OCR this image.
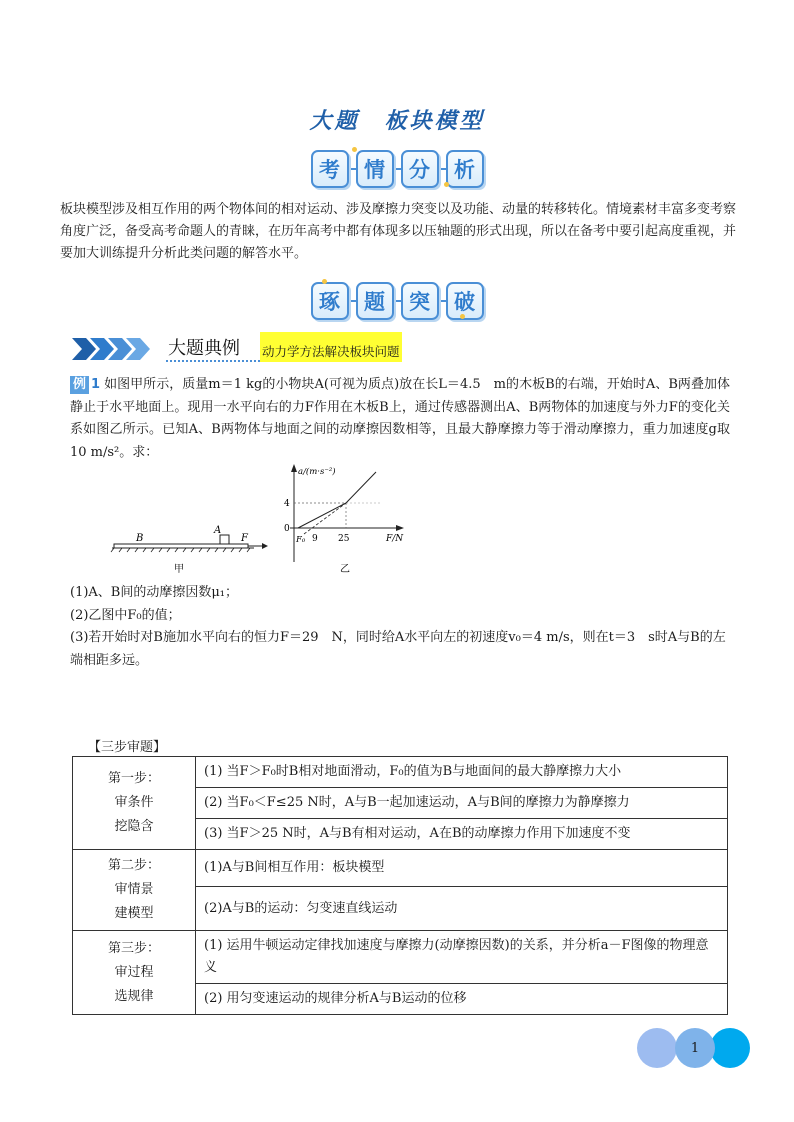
大题　板块模型
考	情	分	析
板块模型涉及相互作用的两个物体间的相对运动、涉及摩擦力突变以及功能、动量的转移转化。情境素材丰富多变考察角度广泛，备受高考命题人的青睐，在历年高考中都有体现多以压轴题的形式出现，所以在备考中要引起高度重视，并要加大训练提升分析此类问题的解答水平。
琢	题	突	破
大题典例 动力学方法解决板块问题
例 1 如图甲所示，质量m＝1 kg的小物块A(可视为质点)放在长L＝4.5　m的木板B的右端，开始时A、B两叠加体静止于水平地面上。现用一水平向右的力F作用在木板B上，通过传感器测出A、B两物体的加速度与外力F的变化关系如图乙所示。已知A、B两物体与地面之间的动摩擦因数相等，且最大静摩擦力等于滑动摩擦力，重力加速度g取10 m/s²。求：
B
A
F
甲
a/(m·s⁻²)
F/N
4
0
F₀ 9 25
乙
(1)A、B间的动摩擦因数μ₁；
(2)乙图中F₀的值；
(3)若开始时对B施加水平向右的恒力F＝29　N，同时给A水平向左的初速度v₀＝4 m/s，则在t＝3　s时A与B的左端相距多远。
【三步审题】
第一步：
审条件
挖隐含	(1) 当F＞F₀时B相对地面滑动，F₀的值为B与地面间的最大静摩擦力大小
	(2) 当F₀＜F≤25 N时，A与B一起加速运动，A与B间的摩擦力为静摩擦力
	(3) 当F＞25 N时，A与B有相对运动，A在B的动摩擦力作用下加速度不变

第二步：
审情景
建模型	(1)A与B间相互作用：板块模型
	(2)A与B的运动：匀变速直线运动

第三步：
审过程
选规律	(1) 运用牛顿运动定律找加速度与摩擦力(动摩擦因数)的关系，并分析a－F图像的物理意义
	(2) 用匀变速运动的规律分析A与B运动的位移
1
